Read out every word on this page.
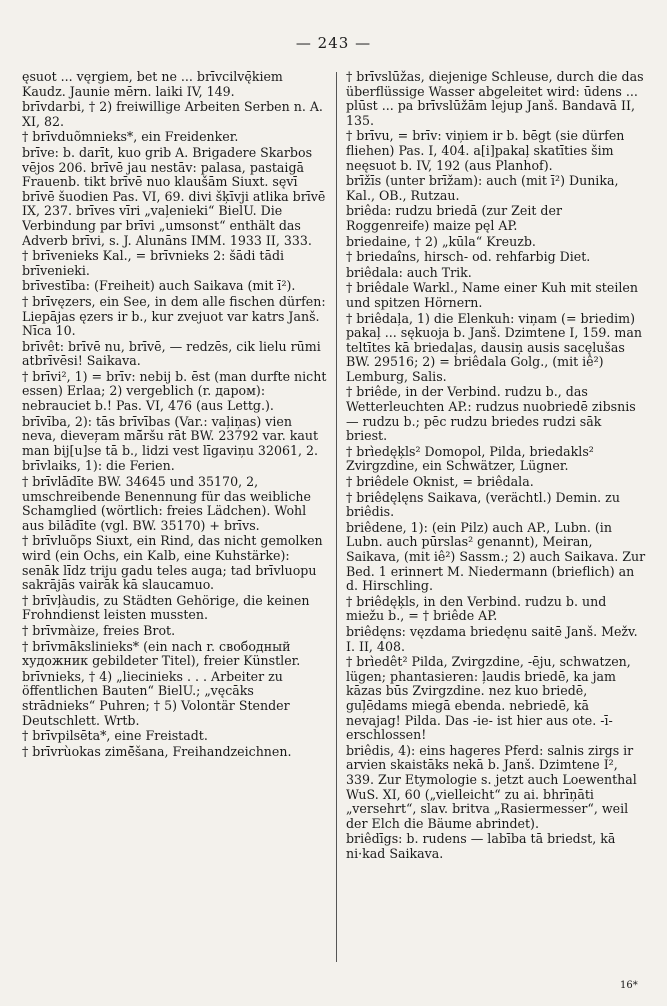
— 243 —

ęsuot ... vęrgiem, bet ne ... brīvcilvę̄kiem Kaudz. Jaunie mērn. laiki IV, 149.

brīvdarbi, † 2) freiwillige Arbeiten Serben n. A. XI, 82.

† brīvduõmnieks*, ein Freidenker.

brīve: b. darīt, kuo grib A. Brigadere Skarbos vējos 206. brīvē jau nestāv: palasa, pastaigā Frauenb. tikt brīvē nuo klaušām Siuxt. sęvī brīvē šuodien Pas. VI, 69. divi šķīvji atlika brīvē IX, 237. brīves vīri „vaļenieki“ BielU. Die Verbindung par brīvi „umsonst“ enthält das Adverb brīvi, s. J. Alunāns IMM. 1933 II, 333.

† brīvenieks Kal., = brīvnieks 2: šādi tādi brīvenieki.

brīvestība: (Freiheit) auch Saikava (mit ī²).

† brīvęzers, ein See, in dem alle fischen dürfen: Liepājas ęzers ir b., kur zvejuot var katrs Janš. Nīca 10.

brīvêt: brīvē nu, brīvē, — redzēs, cik lielu rūmi atbrīvēsi! Saikava.

† brīvi², 1) = brīv: nebij b. ēst (man durfte nicht essen) Erlaa; 2) vergeblich (r. даром): nebrauciet b.! Pas. VI, 476 (aus Lettg.).

brīvība, 2): tās brīvības (Var.: vaļiņas) vien neva, dieveŗam mā̆ršu rāt BW. 23792 var. kaut man bij[u]se tā b., lidzi vest līgaviņu 32061, 2.

brīvlaiks, 1): die Ferien.

† brīvlādīte BW. 34645 und 35170, 2, umschreibende Benennung für das weibliche Schamglied (wörtlich: freies Lädchen). Wohl aus bilādīte (vgl. BW. 35170) + brīvs.

† brīvluõps Siuxt, ein Rind, das nicht gemolken wird (ein Ochs, ein Kalb, eine Kuhstärke): senāk līdz triju gadu teles auga; tad brīvluopu sakrājās vairāk kā slaucamuo.

† brīvļàudis, zu Städten Gehörige, die keinen Frohndienst leisten mussten.

† brīvmàize, freies Brot.

† brīvmākslinieks* (ein nach r. свободный художник gebildeter Titel), freier Künstler.

brīvnieks, † 4) „liecinieks . . . Arbeiter zu öffentlichen Bauten“ BielU.; „vęcāks strādnieks“ Puhren; † 5) Volontär Stender Deutschlett. Wrtb.

† brīvpilsēta*, eine Freistadt.

† brīvrùokas zimē̆šana, Freihandzeichnen.

† brīvslūžas, diejenige Schleuse, durch die das überflüssige Wasser abgeleitet wird: ūdens ... plūst ... pa brīvslūžām lejup Janš. Bandavā II, 135.

† brīvu, = brīv: viņiem ir b. bēgt (sie dürfen fliehen) Pas. I, 404. a[i]pakaļ skatīties šim neęsuot b. IV, 192 (aus Planhof).

brīžīs (unter brīžam): auch (mit ī²) Dunika, Kal., OB., Rutzau.

briêda: rudzu briedā (zur Zeit der Roggenreife) maize pęl AP.

briedaine, † 2) „kūla“ Kreuzb.

† briedaîns, hirsch- od. rehfarbig Diet.

briêdala: auch Trik.

† briêdale Warkl., Name einer Kuh mit steilen und spitzen Hörnern.

† briêdaļa, 1) die Elenkuh: viņam (= briedim) pakaļ ... sękuoja b. Janš. Dzimtene I, 159. man teltītes kā briedaļas, dausiņ ausis sacęlušas BW. 29516; 2) = briêdala Golg., (mit iê²) Lemburg, Salis.

† briêde, in der Verbind. rudzu b., das Wetterleuchten AP.: rudzus nuobriedē zibsnis — rudzu b.; pēc rudzu briedes rudzi sāk briest.

† brìedęķls² Domopol, Pilda, briedakls² Zvirgzdine, ein Schwätzer, Lügner.

† briêdele Oknist, = briêdala.

† briêdęlęns Saikava, (verächtl.) Demin. zu briêdis.

briêdene, 1): (ein Pilz) auch AP., Lubn. (in Lubn. auch pūrslas² genannt), Meiran, Saikava, (mit iê²) Sassm.; 2) auch Saikava. Zur Bed. 1 erinnert M. Niedermann (brieflich) an d. Hirschling.

† briêdęķls, in den Verbind. rudzu b. und miežu b., = † briêde AP.

briêdęns: vęzdama briedęnu saitē Janš. Mežv. I. II, 408.

† brìedêt² Pilda, Zvirgzdine, -ēju, schwatzen, lügen; phantasieren: ļaudis briedē, ka jam kāzas būs Zvirgzdine. nez kuo briedē, guļ̄ēdams miegā ebenda. nebriedē, kā nevajag! Pilda. Das -ie- ist hier aus ote. -ī- erschlossen!

briêdis, 4): eins hageres Pferd: salnis zirgs ir arvien skaistāks nekā b. Janš. Dzimtene I², 339. Zur Etymologie s. jetzt auch Loewenthal WuS. XI, 60 („vielleicht“ zu ai. bhrīņāti „versehrt“, slav. britva „Rasiermesser“, weil der Elch die Bäume abrindet).

briêdīgs: b. rudens — labība tā briedst, kā ni·kad Saikava.

16*
